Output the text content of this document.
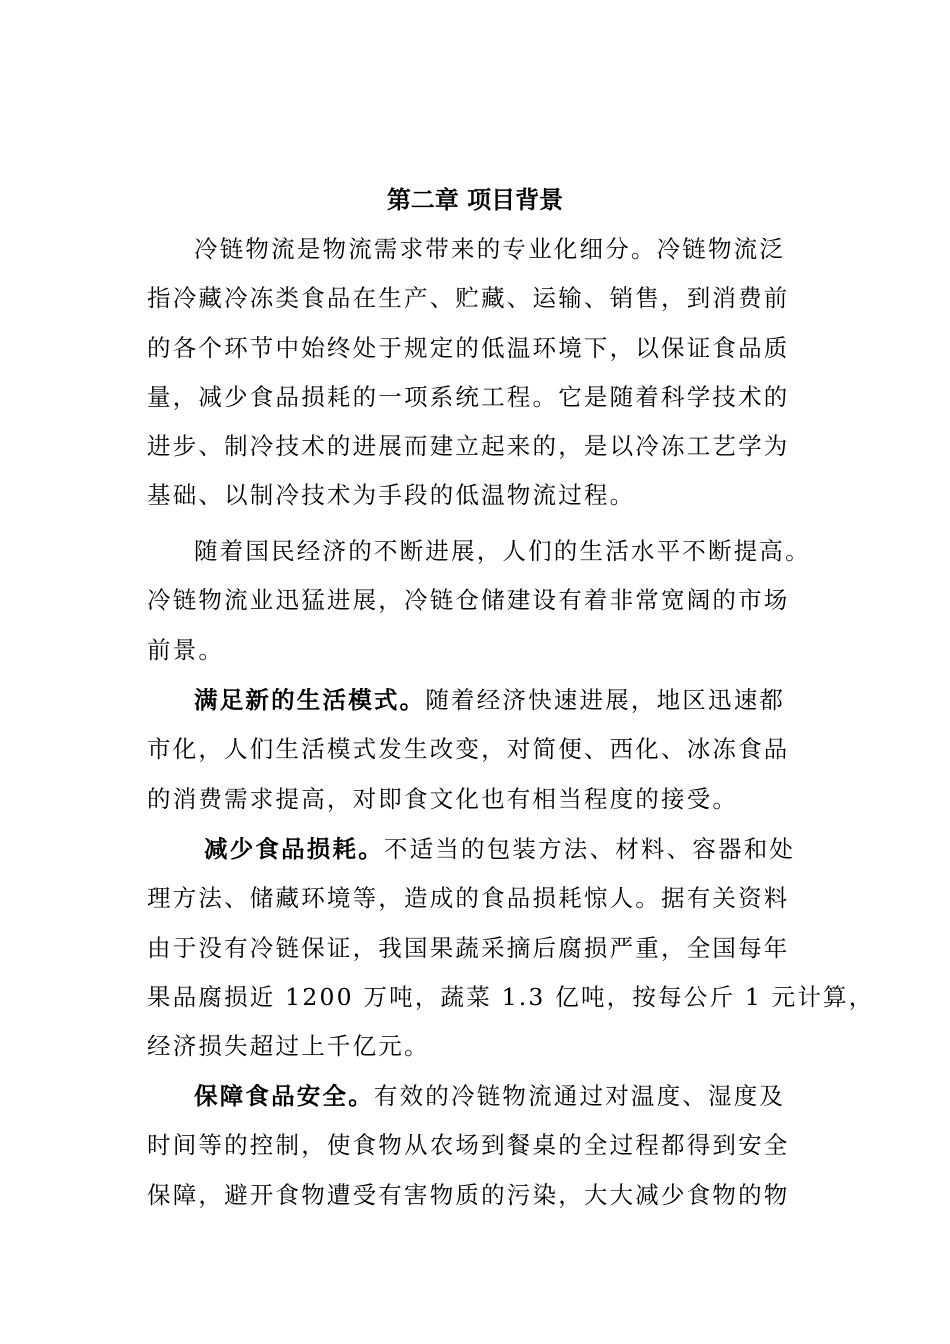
第二章 项目背景
冷链物流是物流需求带来的专业化细分。冷链物流泛
指冷藏冷冻类食品在生产、贮藏、运输、销售，到消费前
的各个环节中始终处于规定的低温环境下，以保证食品质
量，减少食品损耗的一项系统工程。它是随着科学技术的
进步、制冷技术的进展而建立起来的，是以冷冻工艺学为
基础、以制冷技术为手段的低温物流过程。
随着国民经济的不断进展，人们的生活水平不断提高。
冷链物流业迅猛进展，冷链仓储建设有着非常宽阔的市场
前景。
满足新的生活模式。随着经济快速进展，地区迅速都
市化，人们生活模式发生改变，对简便、西化、冰冻食品
的消费需求提高，对即食文化也有相当程度的接受。
减少食品损耗。不适当的包装方法、材料、容器和处
理方法、储藏环境等，造成的食品损耗惊人。据有关资料
由于没有冷链保证，我国果蔬采摘后腐损严重，全国每年
果品腐损近 1200 万吨，蔬菜 1.3 亿吨，按每公斤 1 元计算，
经济损失超过上千亿元。
保障食品安全。有效的冷链物流通过对温度、湿度及
时间等的控制，使食物从农场到餐桌的全过程都得到安全
保障，避开食物遭受有害物质的污染，大大减少食物的物
